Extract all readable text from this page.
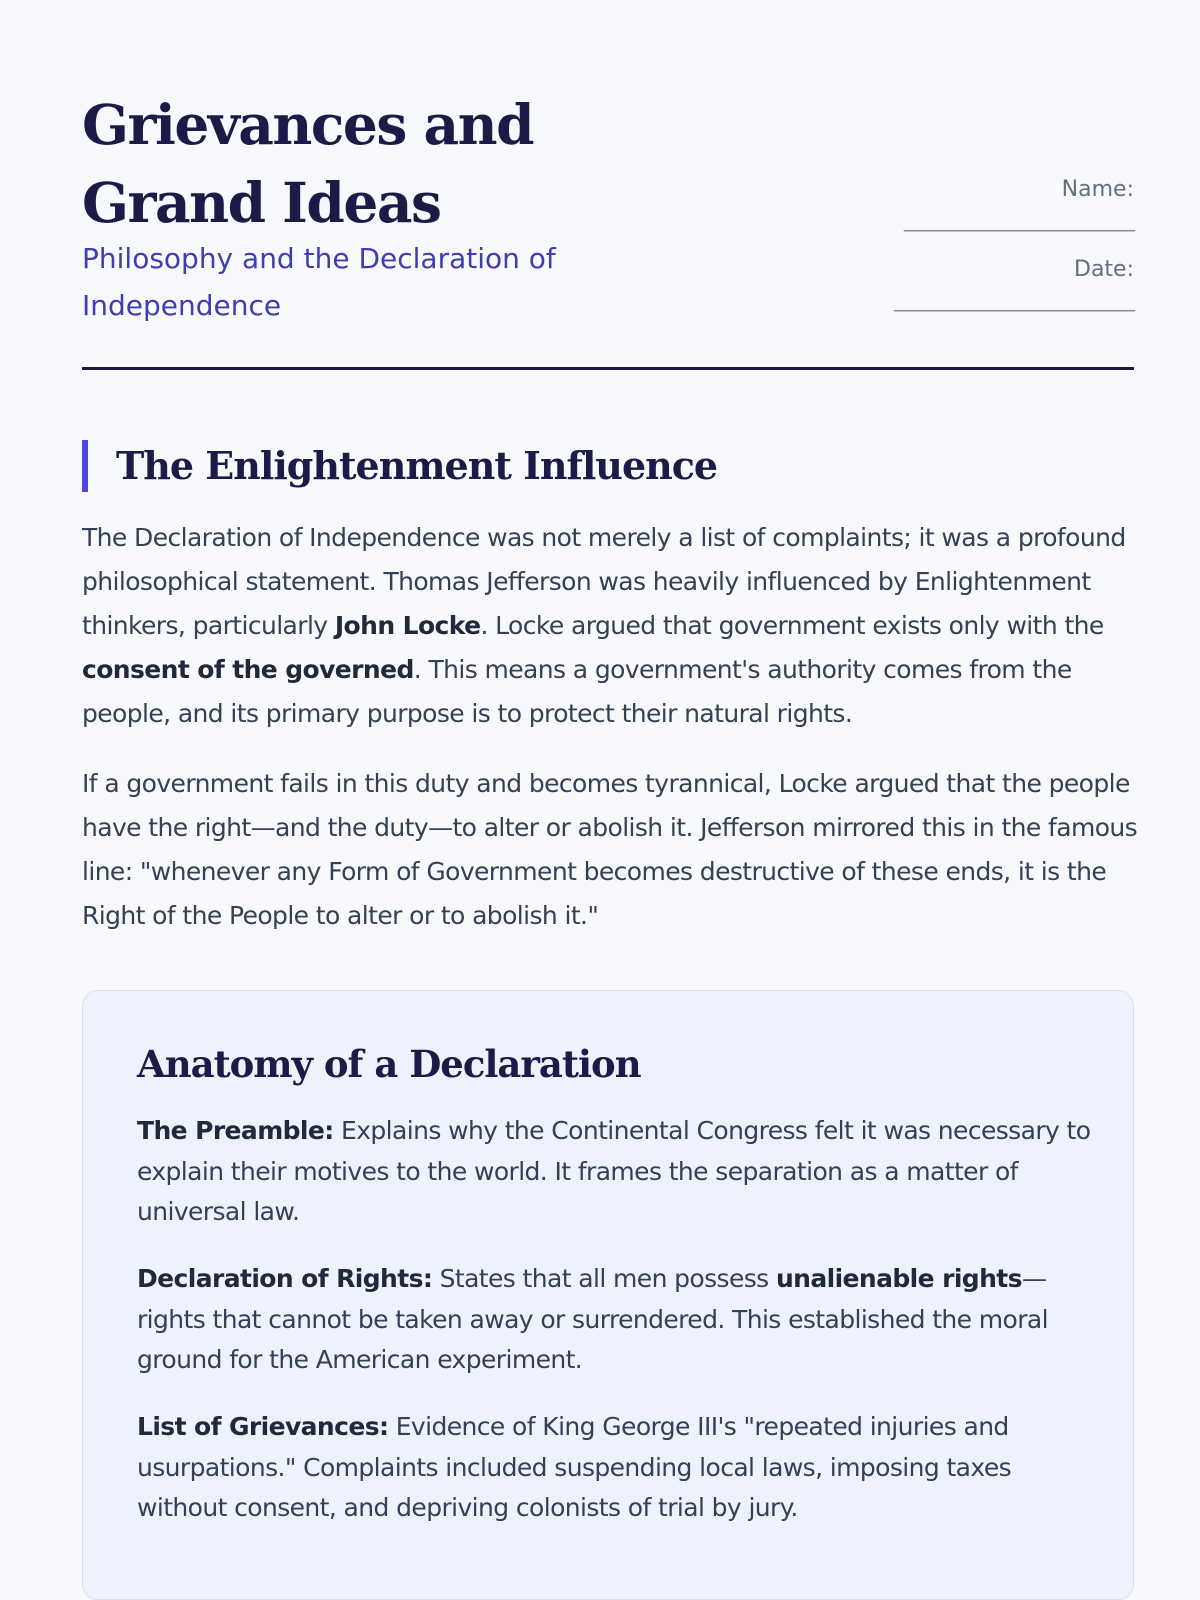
Grievances and Grand Ideas

Philosophy and the Declaration of Independence

Name:
_______________________
Date:
________________________
The Enlightenment Influence

The Declaration of Independence was not merely a list of complaints; it was a profound philosophical statement. Thomas Jefferson was heavily influenced by Enlightenment thinkers, particularly John Locke. Locke argued that government exists only with the consent of the governed. This means a government's authority comes from the people, and its primary purpose is to protect their natural rights.

If a government fails in this duty and becomes tyrannical, Locke argued that the people have the right—and the duty—to alter or abolish it. Jefferson mirrored this in the famous line: "whenever any Form of Government becomes destructive of these ends, it is the Right of the People to alter or to abolish it."

Anatomy of a Declaration

The Preamble: Explains why the Continental Congress felt it was necessary to explain their motives to the world. It frames the separation as a matter of universal law.

Declaration of Rights: States that all men possess unalienable rights—rights that cannot be taken away or surrendered. This established the moral ground for the American experiment.

List of Grievances: Evidence of King George III's "repeated injuries and usurpations." Complaints included suspending local laws, imposing taxes without consent, and depriving colonists of trial by jury.
